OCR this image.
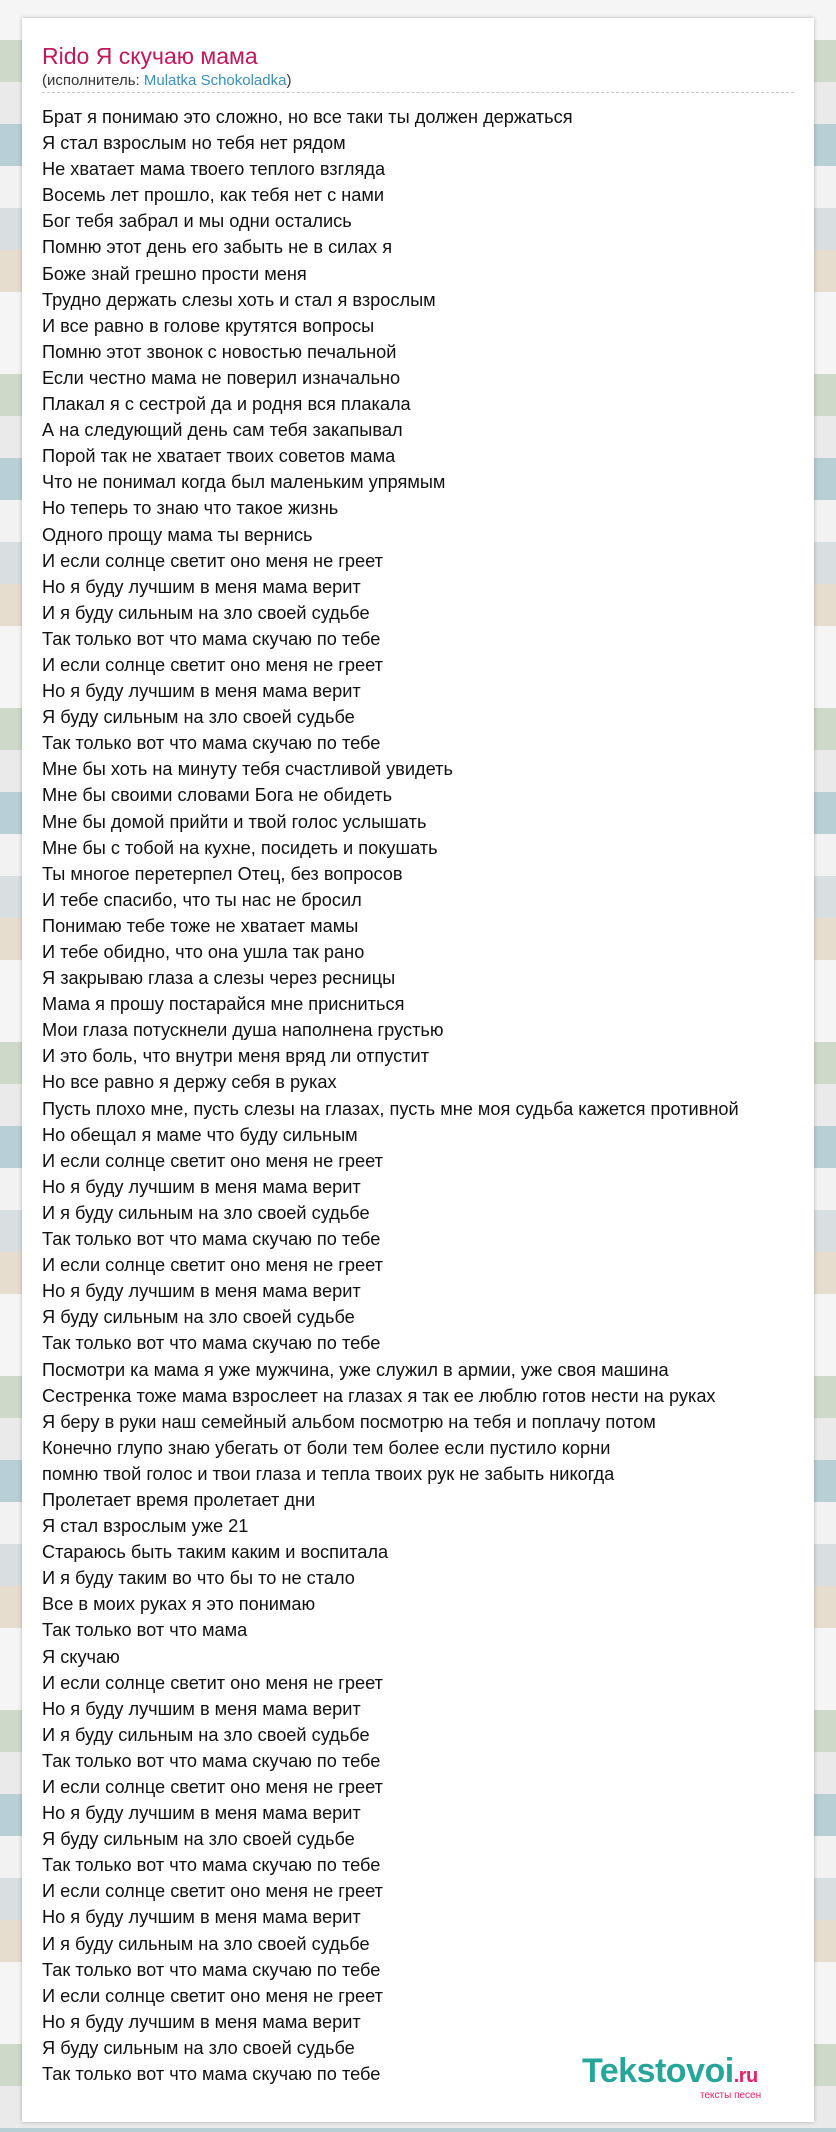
Rido Я скучаю мама
(исполнитель: Mulatka Schokoladka)
Брат я понимаю это сложно, но все таки ты должен держаться
Я стал взрослым но тебя нет рядом
Не хватает мама твоего теплого взгляда
Восемь лет прошло, как тебя нет с нами
Бог тебя забрал и мы одни остались
Помню этот день его забыть не в силах я
Боже знай грешно прости меня
Трудно держать слезы хоть и стал я взрослым
И все равно в голове крутятся вопросы
Помню этот звонок с новостью печальной
Если честно мама не поверил изначально
Плакал я с сестрой да и родня вся плакала
А на следующий день сам тебя закапывал
Порой так не хватает твоих советов мама
Что не понимал когда был маленьким упрямым
Но теперь то знаю что такое жизнь
Одного прощу мама ты вернись
И если солнце светит оно меня не греет
Но я буду лучшим в меня мама верит
И я буду сильным на зло своей судьбе
Так только вот что мама скучаю по тебе
И если солнце светит оно меня не греет
Но я буду лучшим в меня мама верит
Я буду сильным на зло своей судьбе
Так только вот что мама скучаю по тебе
Мне бы хоть на минуту тебя счастливой увидеть
Мне бы своими словами Бога не обидеть
Мне бы домой прийти и твой голос услышать
Мне бы с тобой на кухне, посидеть и покушать
Ты многое перетерпел Отец, без вопросов
И тебе спасибо, что ты нас не бросил
Понимаю тебе тоже не хватает мамы
И тебе обидно, что она ушла так рано
Я закрываю глаза а слезы через ресницы
Мама я прошу постарайся мне присниться
Мои глаза потускнели душа наполнена грустью
И это боль, что внутри меня вряд ли отпустит
Но все равно я держу себя в руках
Пусть плохо мне, пусть слезы на глазах, пусть мне моя судьба кажется противной
Но обещал я маме что буду сильным
И если солнце светит оно меня не греет
Но я буду лучшим в меня мама верит
И я буду сильным на зло своей судьбе
Так только вот что мама скучаю по тебе
И если солнце светит оно меня не греет
Но я буду лучшим в меня мама верит
Я буду сильным на зло своей судьбе
Так только вот что мама скучаю по тебе
Посмотри ка мама я уже мужчина, уже служил в армии, уже своя машина
Сестренка тоже мама взрослеет на глазах я так ее люблю готов нести на руках
Я беру в руки наш семейный альбом посмотрю на тебя и поплачу потом
Конечно глупо знаю убегать от боли тем более если пустило корни
помню твой голос и твои глаза и тепла твоих рук не забыть никогда
Пролетает время пролетает дни
Я стал взрослым уже 21
Стараюсь быть таким каким и воспитала
И я буду таким во что бы то не стало
Все в моих руках я это понимаю
Так только вот что мама
Я скучаю
И если солнце светит оно меня не греет
Но я буду лучшим в меня мама верит
И я буду сильным на зло своей судьбе
Так только вот что мама скучаю по тебе
И если солнце светит оно меня не греет
Но я буду лучшим в меня мама верит
Я буду сильным на зло своей судьбе
Так только вот что мама скучаю по тебе
И если солнце светит оно меня не греет
Но я буду лучшим в меня мама верит
И я буду сильным на зло своей судьбе
Так только вот что мама скучаю по тебе
И если солнце светит оно меня не греет
Но я буду лучшим в меня мама верит
Я буду сильным на зло своей судьбе
Так только вот что мама скучаю по тебе	Tekstovoi.ru
тексты песен
